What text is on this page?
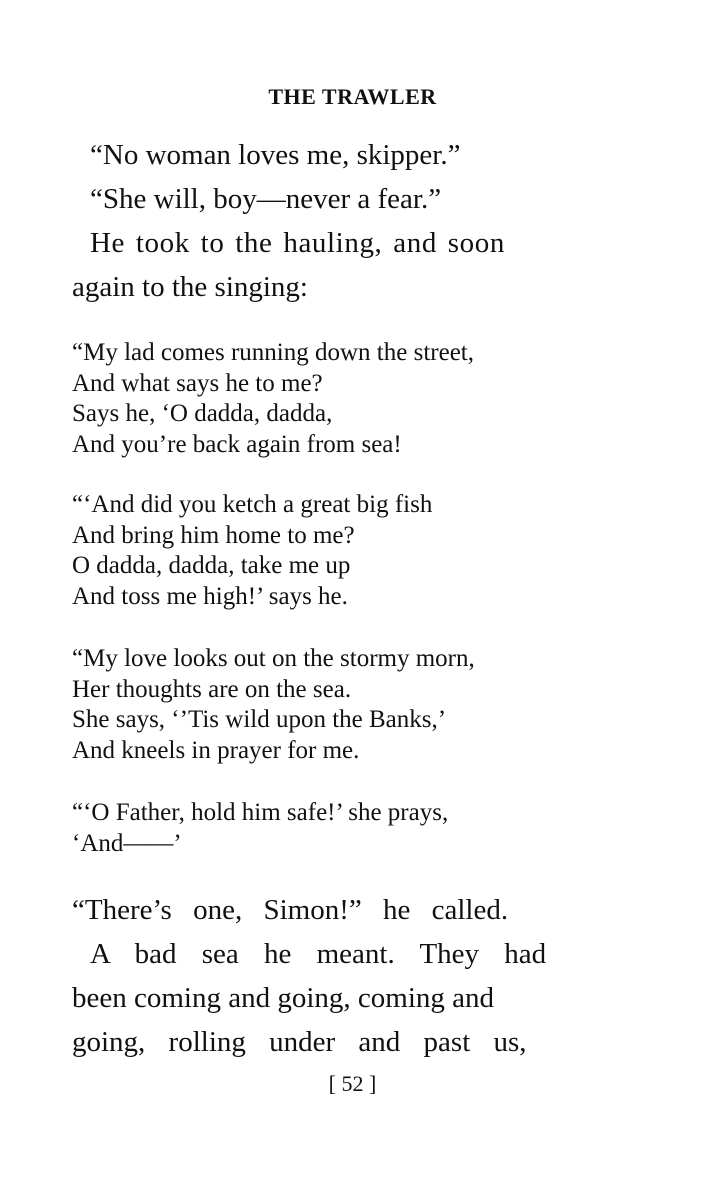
THE TRAWLER
“No woman loves me, skipper.”
“She will, boy—never a fear.”
He took to the hauling, and soon
again to the singing:
“My lad comes running down the street,
And what says he to me?
Says he, ‘O dadda, dadda,
And you’re back again from sea!
“‘And did you ketch a great big fish
And bring him home to me?
O dadda, dadda, take me up
And toss me high!’ says he.
“My love looks out on the stormy morn,
Her thoughts are on the sea.
She says, ‘’Tis wild upon the Banks,’
And kneels in prayer for me.
“‘O Father, hold him safe!’ she prays,
‘And——’
“There’s one, Simon!” he called.
A bad sea he meant. They had
been coming and going, coming and
going, rolling under and past us,
[ 52 ]
